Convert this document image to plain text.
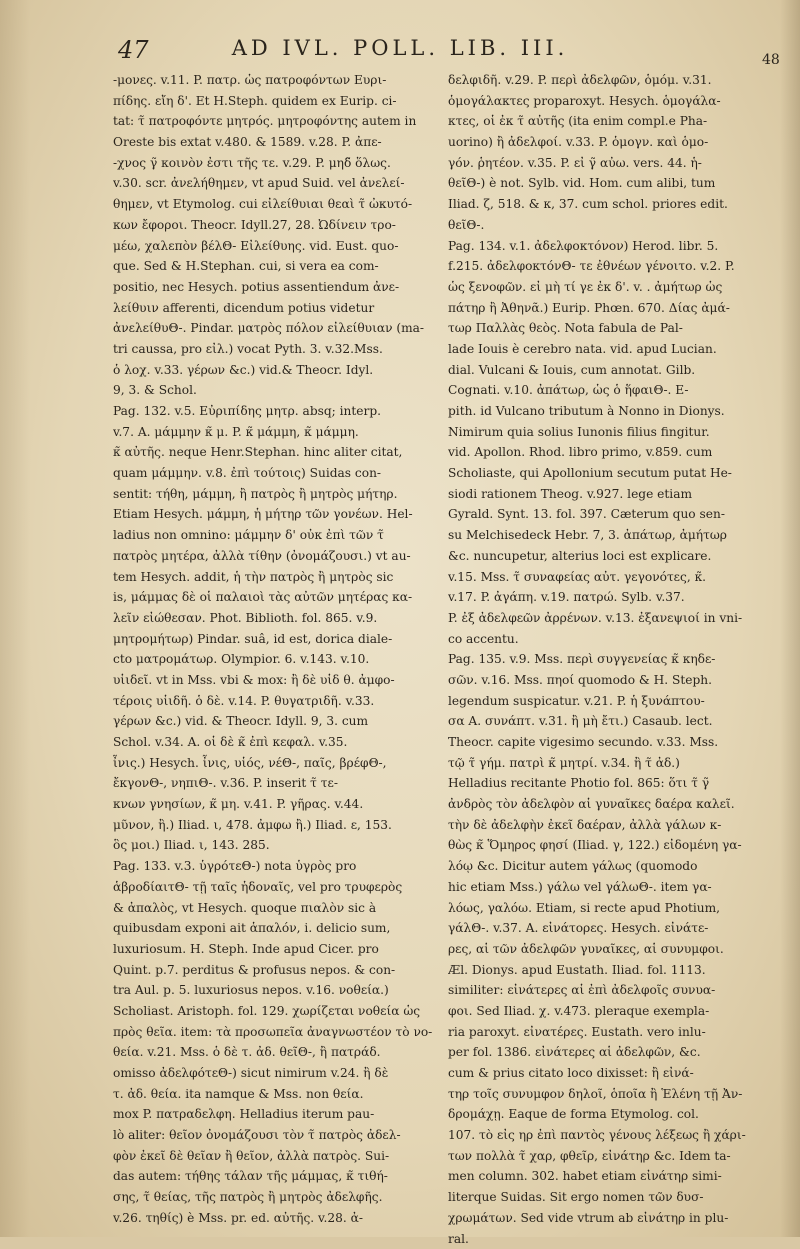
47	AD IVL. POLL. LIB. III.	48
-μονες. v.11. P. πατρ. ὡς πατροφόντων Eυρι-
πίδης. εἴη δ'. Et H.Steph. quidem ex Eurip. ci-
tat: τ̃ πατροφόντε μητρός. μητροφόντης autem in
Oreste bis extat v.480. & 1589. v.28. P. ἀπε-
-χνος γ̃ κοινὸν ἐστι τῆς τε. v.29. P. μηδ̃ ὅλως.
v.30. scr. ἀνελήθημεν, vt apud Suid. vel ἀνελεί-
θημεν, vt Etymolog. cui εἰλείθυιαι θεαὶ τ̃ ὠκυτό-
κων ἔφοροι. Theocr. Idyll.27, 28. Ὠδίνειν τρο-
μέω, χαλεπὸν βέλΘ- Εἰλείθυης. vid. Eust. quo-
que. Sed & H.Stephan. cui, si vera ea com-
positio, nec Hesych. potius assentiendum ἀνε-
λείθυιν afferenti, dicendum potius videtur
ἀνελείθυΘ-. Pindar. ματρὸς πόλον εἰλείθυιαν (ma-
tri caussa, pro εἰλ.) vocat Pyth. 3. v.32.Mss.
ὁ λοχ. v.33. γέρων &c.) vid.& Theocr. Idyl.
9, 3. & Schol.
Pag. 132. v.5. Eὐριπίδης μητρ. absq; interp.
v.7. A. μάμμην κ̃ μ. P. κ̃ μάμμη, κ̃ μάμμη.
κ̃ αὐτῆς. neque Henr.Stephan. hinc aliter citat,
quam μάμμην. v.8. ἐπὶ τούτοις) Suidas con-
sentit: τήθη, μάμμη, ἢ πατρὸς ἢ μητρὸς μήτηρ.
Etiam Hesych. μάμμη, ἡ μήτηρ τῶν γονέων. Hel-
ladius non omnino: μάμμην δ' οὐκ ἐπὶ τῶν τ̃
πατρὸς μητέρα, ἀλλὰ τίθην (ὀνομάζουσι.) vt au-
tem Hesych. addit, ἡ τὴν πατρὸς ἢ μητρὸς sic
is, μάμμας δὲ οἱ παλαιοὶ τὰς αὐτῶν μητέρας κα-
λεῖν εἰώθεσαν. Phot. Biblioth. fol. 865. v.9.
μητρομήτωρ) Pindar. suâ, id est, dorica diale-
cto ματρομάτωρ. Olympior. 6. v.143. v.10.
υἱιδεῖ. vt in Mss. vbi & mox: ἢ δὲ υἱδ θ. ἀμφο-
τέροις υἱιδῆ. ὁ δὲ. v.14. P. θυγατριδῆ. v.33.
γέρων &c.) vid. & Theocr. Idyll. 9, 3. cum
Schol. v.34. A. οἱ δὲ κ̃ ἐπὶ κεφαλ. v.35.
ἶνις.) Hesych. ἶνις, υἱός, νέΘ-, παῖς, βρέφΘ-,
ἔκγονΘ-, νηπιΘ-. v.36. P. inserit τ̃ τε-
κνων γνησίων, κ̃ μη. v.41. P. γῆρας. v.44.
μῦνον, ἢ.) Iliad. ι, 478. ἀμφω ἢ.) Iliad. ε, 153.
ὃς μοι.) Iliad. ι, 143. 285.
Pag. 133. v.3. ὑγρότεΘ-) nota ὑγρὸς pro
ἁβροδίαιτΘ- τῇ ταῖς ἡδοναῖς, vel pro τρυφερὸς
& ἀπαλὸς, vt Hesych. quoque πιαλὸν sic à
quibusdam exponi ait ἁπαλόν, i. delicio sum,
luxuriosum. H. Steph. Inde apud Cicer. pro
Quint. p.7. perditus & profusus nepos. & con-
tra Aul. p. 5. luxuriosus nepos. v.16. νοθεία.)
Scholiast. Aristoph. fol. 129. χωρίζεται νοθεία ὡς
πρὸς θεῖα. item: τὰ προσωπεῖα ἀναγνωστέον τὸ νο-
θεία. v.21. Mss. ὁ δὲ τ. ἀδ. θεῖΘ-, ἢ πατράδ.
omisso ἀδελφότεΘ-) sicut nimirum v.24. ἢ δὲ
τ. ἀδ. θεία. ita namque & Mss. non θεία.
mox P. πατραδελφη. Helladius iterum pau-
lò aliter: θεῖον ὀνομάζουσι τὸν τ̃ πατρὸς ἀδελ-
φὸν ἐκεῖ δὲ θεῖαν ἢ θεῖον, ἀλλὰ πατρὸς. Sui-
das autem: τήθης τάλαν τῆς μάμμας, κ̃ τιθή-
σης, τ̃ θείας, τῆς πατρὸς ἢ μητρὸς ἀδελφῆς.
v.26. τηθίς) è Mss. pr. ed. αὐτῆς. v.28. ἀ-
δελφιδῆ. v.29. P. περὶ ἀδελφῶν, ὁμόμ. v.31.
ὁμογάλακτες proparoxyt. Hesych. ὁμογάλα-
κτες, οἱ ἐκ τ̃ αὐτῆς (ita enim compl.e Pha-
uorino) ἢ ἀδελφοί. v.33. P. ὁμογν. καὶ ὁμο-
γόν. ῥητέον. v.35. P. εἰ γ̃ αὐω. vers. 44. ἡ-
θεῖΘ-) è not. Sylb. vid. Hom. cum alibi, tum
Iliad. ζ, 518. & κ, 37. cum schol. priores edit.
θεῖΘ-.
Pag. 134. v.1. ἀδελφοκτόνον) Herod. libr. 5.
f.215. ἀδελφοκτόνΘ- τε ἐθνέων γένοιτο. v.2. P.
ὡς ξενοφῶν. εἰ μὴ τί γε ἐκ δ'. v. . ἀμήτωρ ὡς
πάτηρ ἢ Ἀθηνᾶ.) Eurip. Phœn. 670. Δίας ἀμά-
τωρ Παλλὰς θεὸς. Nota fabula de Pal-
lade Iouis è cerebro nata. vid. apud Lucian.
dial. Vulcani & Iouis, cum annotat. Gilb.
Cognati. v.10. ἀπάτωρ, ὡς ὁ ἥφαιΘ-. E-
pith. id Vulcano tributum à Nonno in Dionys.
Nimirum quia solius Iunonis filius fingitur.
vid. Apollon. Rhod. libro primo, v.859. cum
Scholiaste, qui Apollonium secutum putat He-
siodi rationem Theog. v.927. lege etiam
Gyrald. Synt. 13. fol. 397. Cæterum quo sen-
su Melchisedeck Hebr. 7, 3. ἀπάτωρ, ἀμήτωρ
&c. nuncupetur, alterius loci est explicare.
v.15. Mss. τ̃ συναφείας αὐτ. γεγονότες, κ̃.
v.17. P. ἀγάπη. v.19. πατρώ. Sylb. v.37.
P. ἐξ ἀδελφεῶν ἀρρένων. v.13. ἐξανεψιοί in vni-
co accentu.
Pag. 135. v.9. Mss. περὶ συγγενείας κ̃ κηδε-
σῶν. v.16. Mss. πηοί quomodo & H. Steph.
legendum suspicatur. v.21. P. ἡ ξυνάπτου-
σα A. συνάπτ. v.31. ἢ μὴ ἔτι.) Casaub. lect.
Theocr. capite vigesimo secundo. v.33. Mss.
τῷ τ̃ γήμ. πατρὶ κ̃ μητρί. v.34. ἢ τ̃ ἀδ.)
Helladius recitante Photio fol. 865: ὅτι τ̃ γ̃
ἀνδρὸς τὸν ἀδελφὸν αἱ γυναῖκες δαέρα καλεῖ.
τὴν δὲ ἀδελφὴν ἐκεῖ δαέραν, ἀλλὰ γάλων κ-
θὼς κ̃ Ὅμηρος φησί (Iliad. γ, 122.) εἰδομένη γα-
λόῳ &c. Dicitur autem γάλως (quomodo
hic etiam Mss.) γάλω vel γάλωΘ-. item γα-
λόως, γαλόω. Etiam, si recte apud Photium,
γάλΘ-. v.37. A. εἰνάτορες. Hesych. εἰνάτε-
ρες, αἱ τῶν ἀδελφῶν γυναῖκες, αἱ συνυμφοι.
Æl. Dionys. apud Eustath. Iliad. fol. 1113.
similiter: εἰνάτερες αἱ ἐπὶ ἀδελφοῖς συνυα-
φοι. Sed Iliad. χ. v.473. pleraque exempla-
ria paroxyt. εἰνατέρες. Eustath. vero inlu-
per fol. 1386. εἰνάτερες αἱ ἀδελφῶν, &c.
cum & prius citato loco dixisset: ἢ εἰνά-
τηρ τοῖς συνυμφον δηλοῖ, ὁποῖα ἢ Ἑλένη τῇ Ἀν-
δρομάχῃ. Eaque de forma Etymolog. col.
107. τὸ εἰς ηρ ἐπὶ παντὸς γένους λέξεως ἢ χάρι-
των πολλὰ τ̃ χαρ, φθεῖρ, εἰνάτηρ &c. Idem ta-
men column. 302. habet etiam εἰνάτηρ simi-
literque Suidas. Sit ergo nomen τῶν δυσ-
χρωμάτων. Sed vide vtrum ab εἰνάτηρ in plu-
ral.
